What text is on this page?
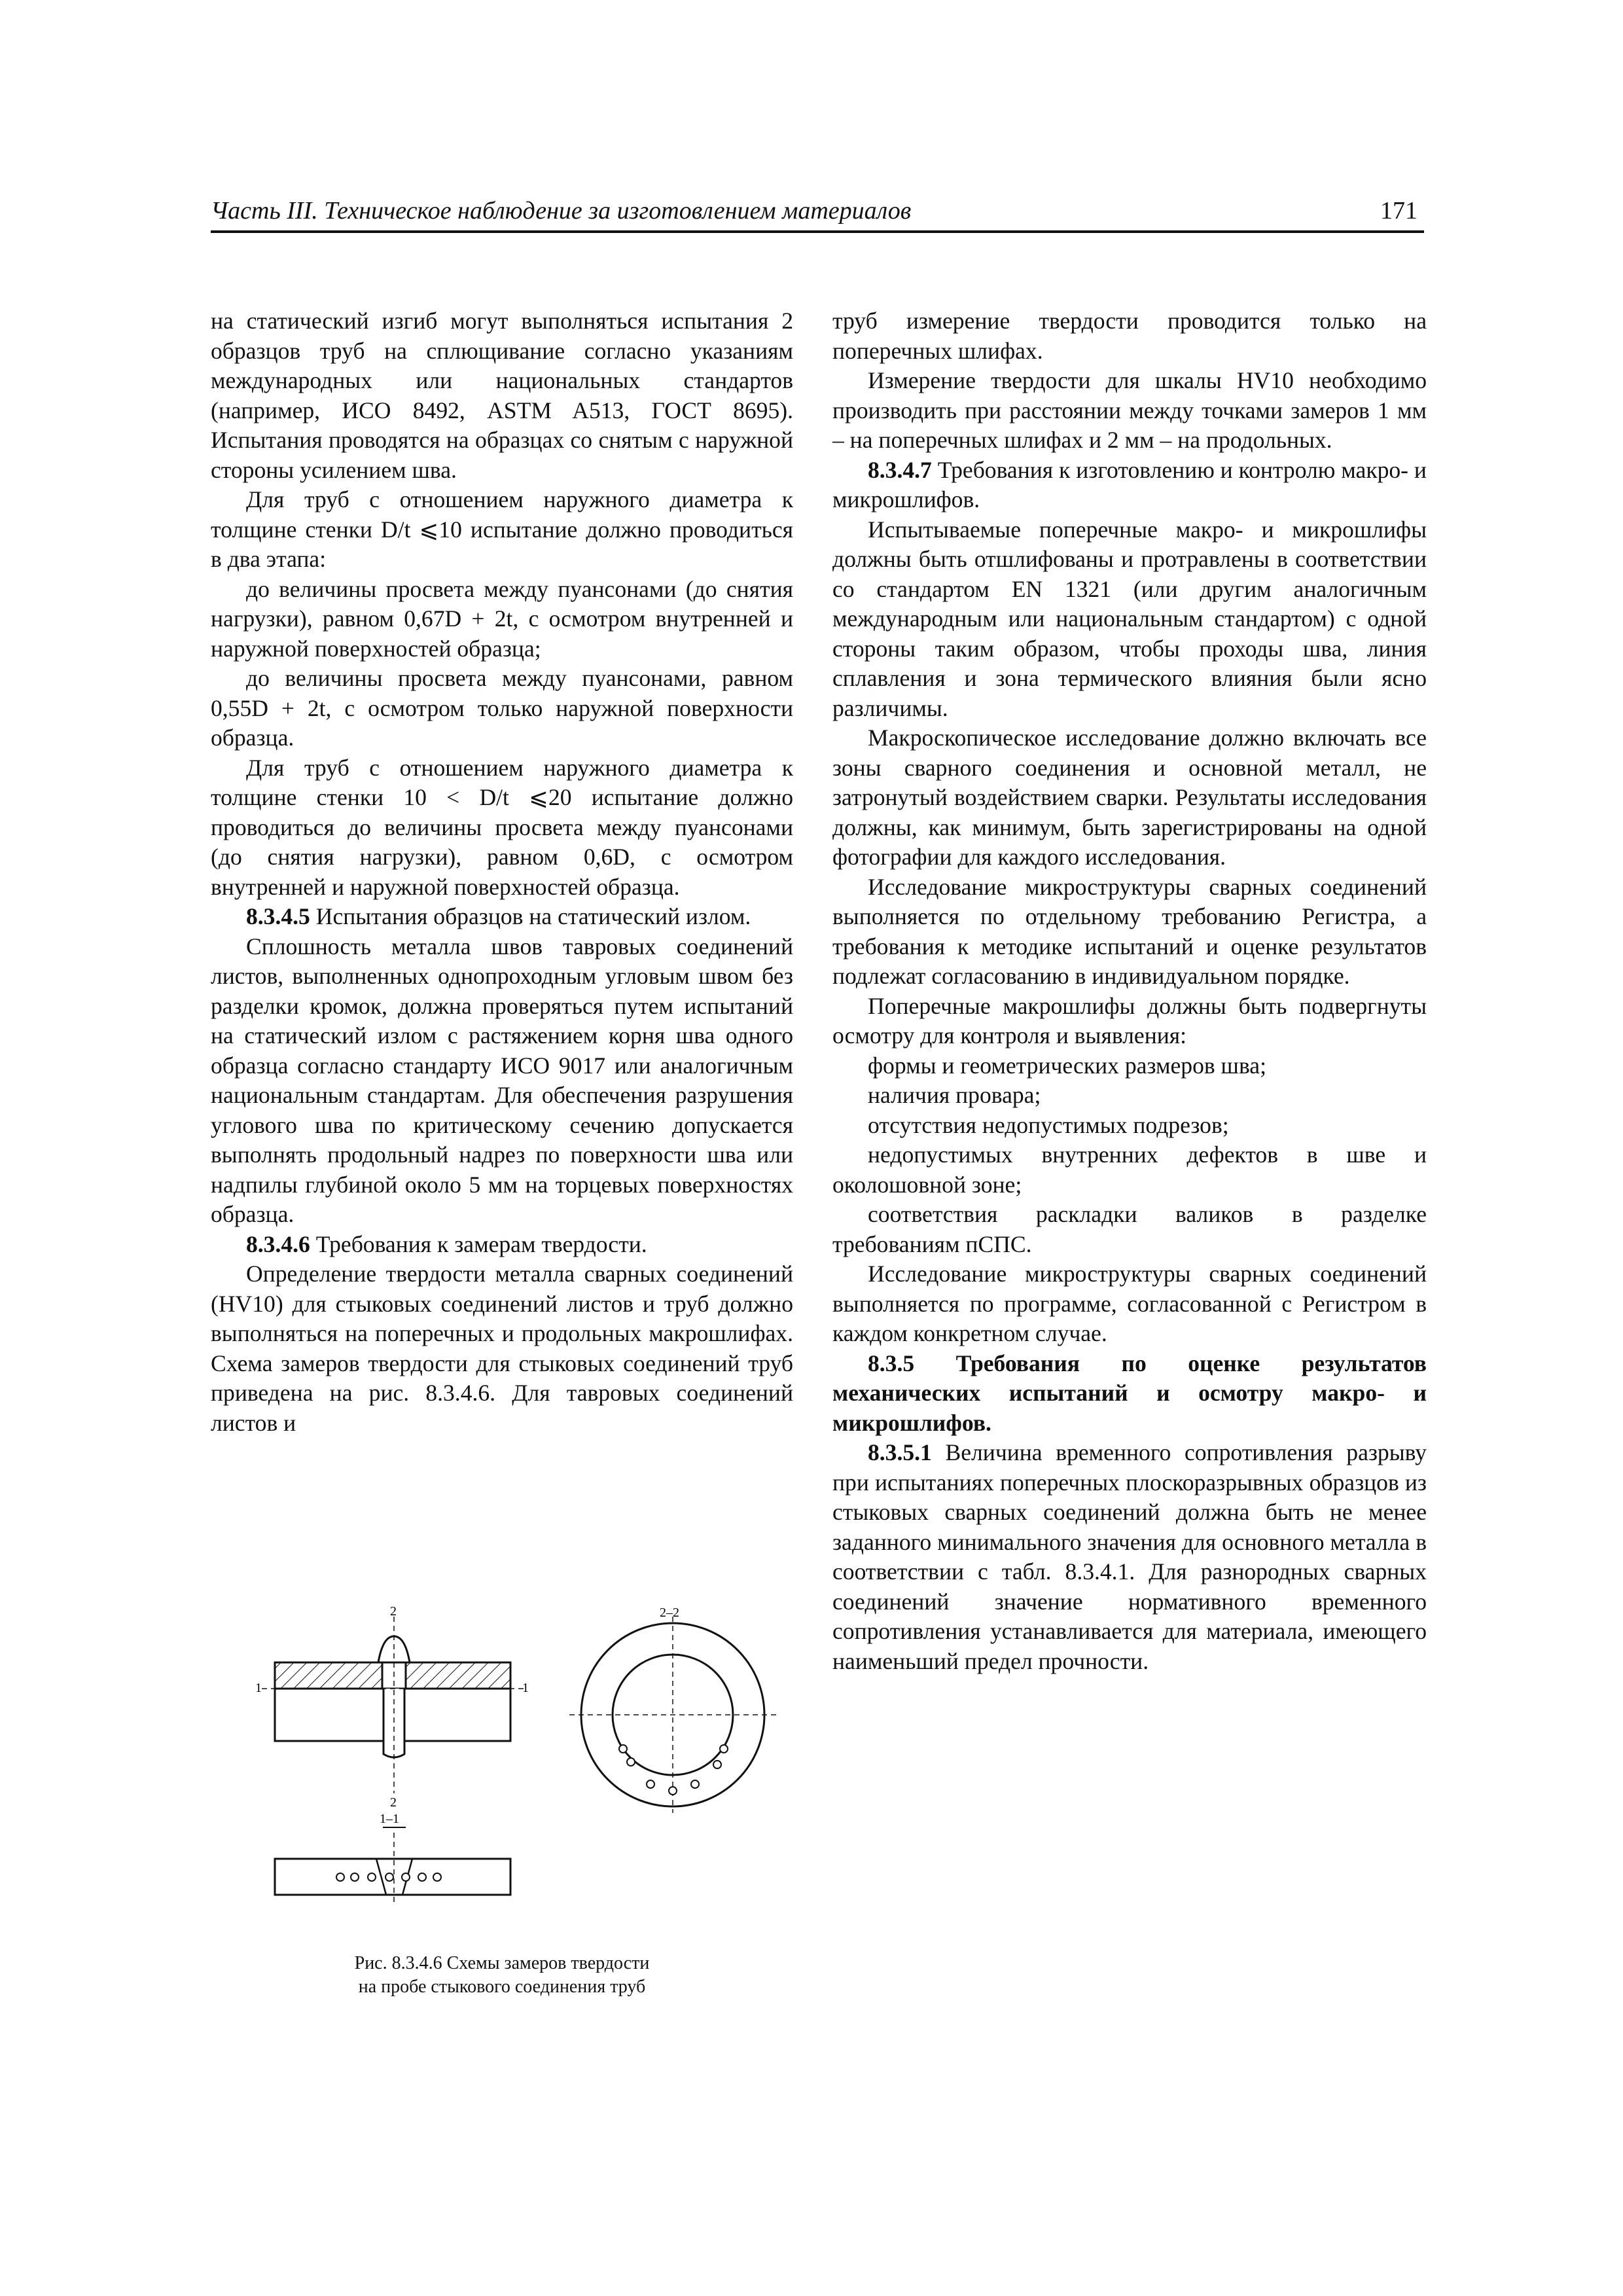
Часть III. Техническое наблюдение за изготовлением материалов	171

на статический изгиб могут выполняться испытания 2 образцов труб на сплющивание согласно указаниям международных или национальных стандартов (например, ИСО 8492, ASTM A513, ГОСТ 8695). Испытания проводятся на образцах со снятым с наружной стороны усилением шва.

Для труб с отношением наружного диаметра к толщине стенки D/t ⩽10 испытание должно проводиться в два этапа:

до величины просвета между пуансонами (до снятия нагрузки), равном 0,67D + 2t, с осмотром внутренней и наружной поверхностей образца;

до величины просвета между пуансонами, равном 0,55D + 2t, с осмотром только наружной поверхности образца.

Для труб с отношением наружного диаметра к толщине стенки 10 < D/t ⩽20 испытание должно проводиться до величины просвета между пуансонами (до снятия нагрузки), равном 0,6D, с осмотром внутренней и наружной поверхностей образца.

8.3.4.5 Испытания образцов на статический излом.

Сплошность металла швов тавровых соединений листов, выполненных однопроходным угловым швом без разделки кромок, должна проверяться путем испытаний на статический излом с растяжением корня шва одного образца согласно стандарту ИСО 9017 или аналогичным национальным стандартам. Для обеспечения разрушения углового шва по критическому сечению допускается выполнять продольный надрез по поверхности шва или надпилы глубиной около 5 мм на торцевых поверхностях образца.

8.3.4.6 Требования к замерам твердости.

Определение твердости металла сварных соединений (HV10) для стыковых соединений листов и труб должно выполняться на поперечных и продольных макрошлифах. Схема замеров твердости для стыковых соединений труб приведена на рис. 8.3.4.6. Для тавровых соединений листов и

2
2
1	1
1–1
2–2
Рис. 8.3.4.6 Схемы замеров твердости
на пробе стыкового соединения труб

труб измерение твердости проводится только на поперечных шлифах.

Измерение твердости для шкалы HV10 необходимо производить при расстоянии между точками замеров 1 мм – на поперечных шлифах и 2 мм – на продольных.

8.3.4.7 Требования к изготовлению и контролю макро- и микрошлифов.

Испытываемые поперечные макро- и микрошлифы должны быть отшлифованы и протравлены в соответствии со стандартом EN 1321 (или другим аналогичным международным или национальным стандартом) с одной стороны таким образом, чтобы проходы шва, линия сплавления и зона термического влияния были ясно различимы.

Макроскопическое исследование должно включать все зоны сварного соединения и основной металл, не затронутый воздействием сварки. Результаты исследования должны, как минимум, быть зарегистрированы на одной фотографии для каждого исследования.

Исследование микроструктуры сварных соединений выполняется по отдельному требованию Регистра, а требования к методике испытаний и оценке результатов подлежат согласованию в индивидуальном порядке.

Поперечные макрошлифы должны быть подвергнуты осмотру для контроля и выявления:

формы и геометрических размеров шва;

наличия провара;

отсутствия недопустимых подрезов;

недопустимых внутренних дефектов в шве и околошовной зоне;

соответствия раскладки валиков в разделке требованиям пСПС.

Исследование микроструктуры сварных соединений выполняется по программе, согласованной с Регистром в каждом конкретном случае.

8.3.5 Требования по оценке результатов механических испытаний и осмотру макро- и микрошлифов.

8.3.5.1 Величина временного сопротивления разрыву при испытаниях поперечных плоскоразрывных образцов из стыковых сварных соединений должна быть не менее заданного минимального значения для основного металла в соответствии с табл. 8.3.4.1. Для разнородных сварных соединений значение нормативного временного сопротивления устанавливается для материала, имеющего наименьший предел прочности.
